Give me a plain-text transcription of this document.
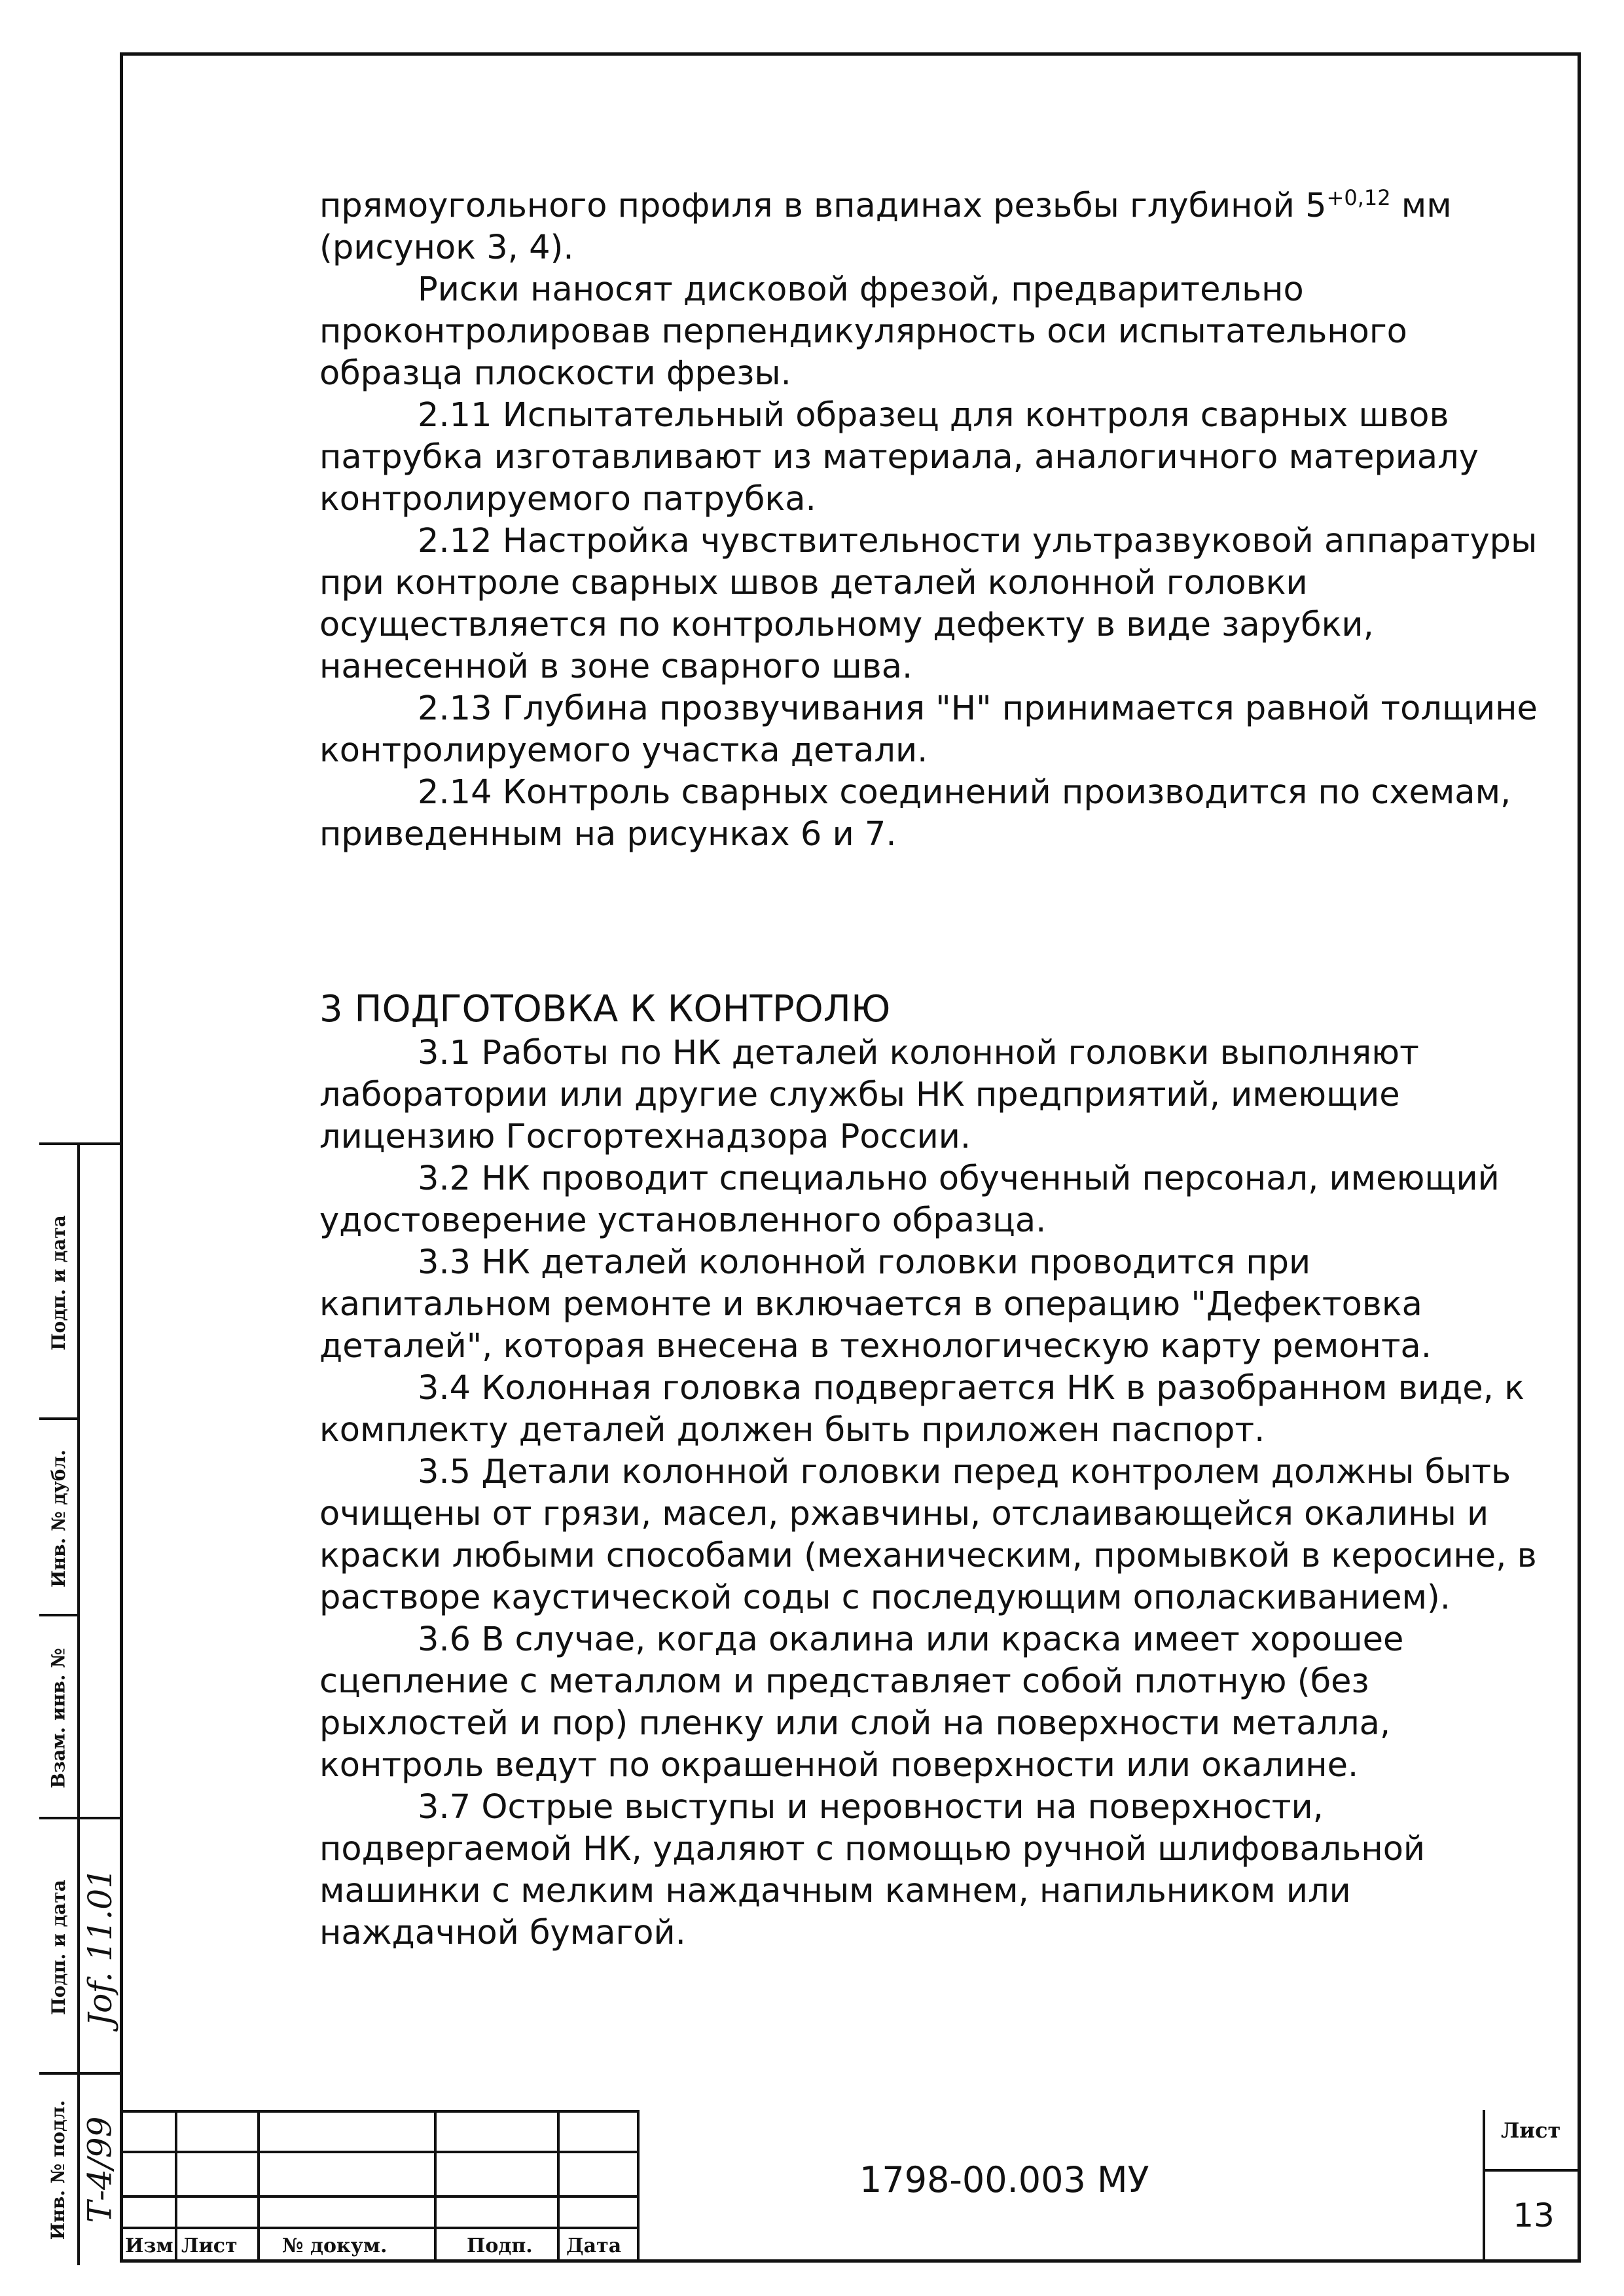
прямоугольного профиля в впадинах резьбы глубиной $5^{+0,12}$ мм (рисунок 3, 4).

Риски наносят дисковой фрезой, предварительно проконтролировав перпендикулярность оси испытательного образца плоскости фрезы.

2.11 Испытательный образец для контроля сварных швов патрубка изготавливают из материала, аналогичного материалу контролируемого патрубка.

2.12 Настройка чувствительности ультразвуковой аппаратуры при контроле сварных швов деталей колонной головки осуществляется по контрольному дефекту в виде зарубки, нанесенной в зоне сварного шва.

2.13 Глубина прозвучивания "Н" принимается равной толщине контролируемого участка детали.

2.14 Контроль сварных соединений производится по схемам, приведенным на рисунках 6 и 7.

3 ПОДГОТОВКА К КОНТРОЛЮ

3.1 Работы по НК деталей колонной головки выполняют лаборатории или другие службы НК предприятий, имеющие лицензию Госгортехнадзора России.

3.2 НК проводит специально обученный персонал, имеющий удостоверение установленного образца.

3.3 НК деталей колонной головки проводится при капитальном ремонте и включается в операцию "Дефектовка деталей", которая внесена в технологическую карту ремонта.

3.4 Колонная головка подвергается НК в разобранном виде, к комплекту деталей должен быть приложен паспорт.

3.5 Детали колонной головки перед контролем должны быть очищены от грязи, масел, ржавчины, отслаивающейся окалины и краски любыми способами (механическим, промывкой в керосине, в растворе каустической соды с последующим ополаскиванием).

3.6 В случае, когда окалина или краска имеет хорошее сцепление с металлом и представляет собой плотную (без рыхлостей и пор) пленку или слой на поверхности металла, контроль ведут по окрашенной поверхности или окалине.

3.7 Острые выступы и неровности на поверхности, подвергаемой НК, удаляют с помощью ручной шлифовальной машинки с мелким наждачным камнем, напильником или наждачной бумагой.

Подп. и дата
Инв. № дубл.
Взам. инв. №
Подп. и дата
Инв. № подл.
Jof. 11.01
Т-4/99
Изм Лист № докум.	Подп. Дата
1798-00.003 МУ
Лист
13
